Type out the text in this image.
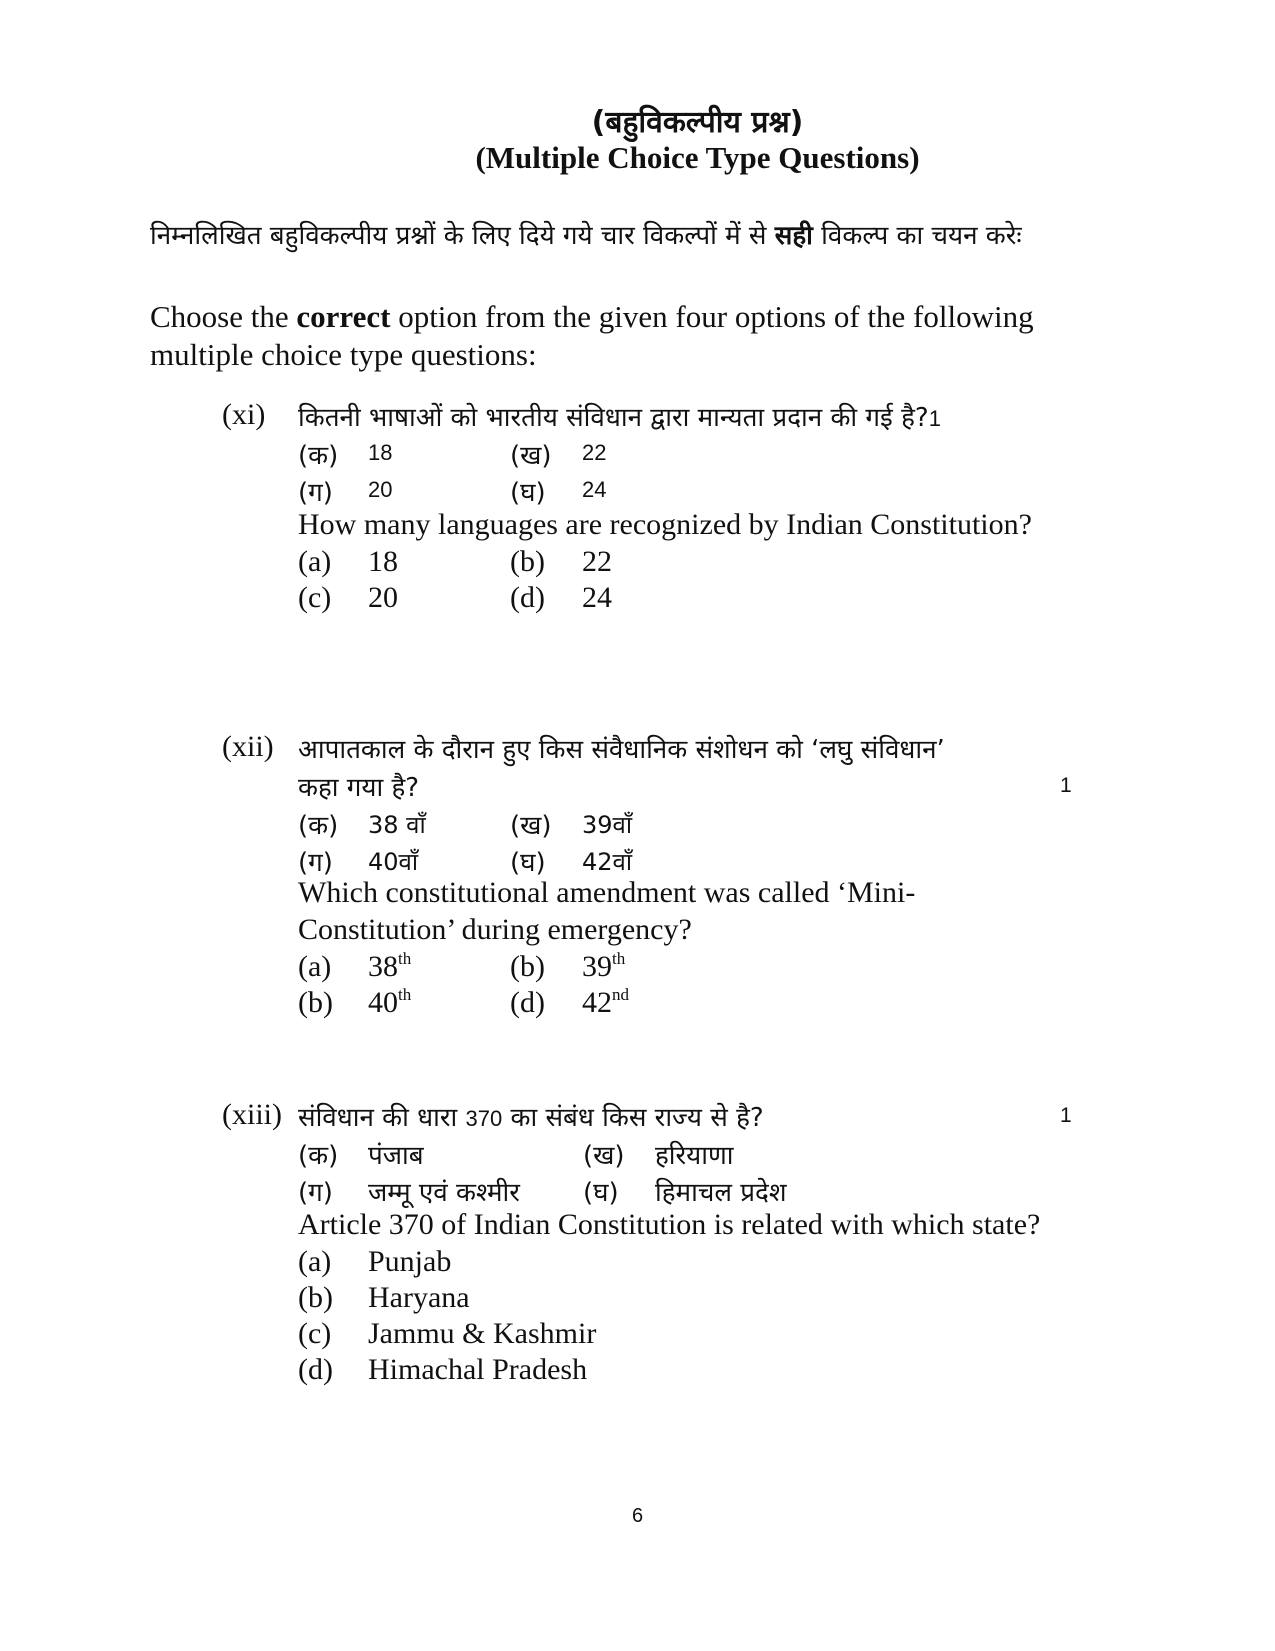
(बहुविकल्पीय प्रश्न)
(Multiple Choice Type Questions)
निम्नलिखित बहुविकल्पीय प्रश्नों के लिए दिये गये चार विकल्पों में से सही विकल्प का चयन करेः
Choose the correct option from the given four options of the following multiple choice type questions:
(xi) कितनी भाषाओं को भारतीय संविधान द्वारा मान्यता प्रदान की गई है?1
(क) 18	(ख) 22
(ग) 20	(घ) 24
How many languages are recognized by Indian Constitution?
(a) 18	(b) 22
(c) 20	(d) 24
(xii) आपातकाल के दौरान हुए किस संवैधानिक संशोधन को ‘लघु संविधान’
कहा गया है?	1
(क) 38 वाँ	(ख) 39वाँ
(ग) 40वाँ	(घ) 42वाँ
Which constitutional amendment was called ‘Mini-
Constitution’ during emergency?
(a) 38th	(b) 39th
(b) 40th	(d) 42nd
(xiii) संविधान की धारा 370 का संबंध किस राज्य से है?	1
(क) पंजाब	(ख) हरियाणा
(ग) जम्मू एवं कश्मीर (घ) हिमाचल प्रदेश
Article 370 of Indian Constitution is related with which state?
(a) Punjab
(b) Haryana
(c) Jammu & Kashmir
(d) Himachal Pradesh
6
